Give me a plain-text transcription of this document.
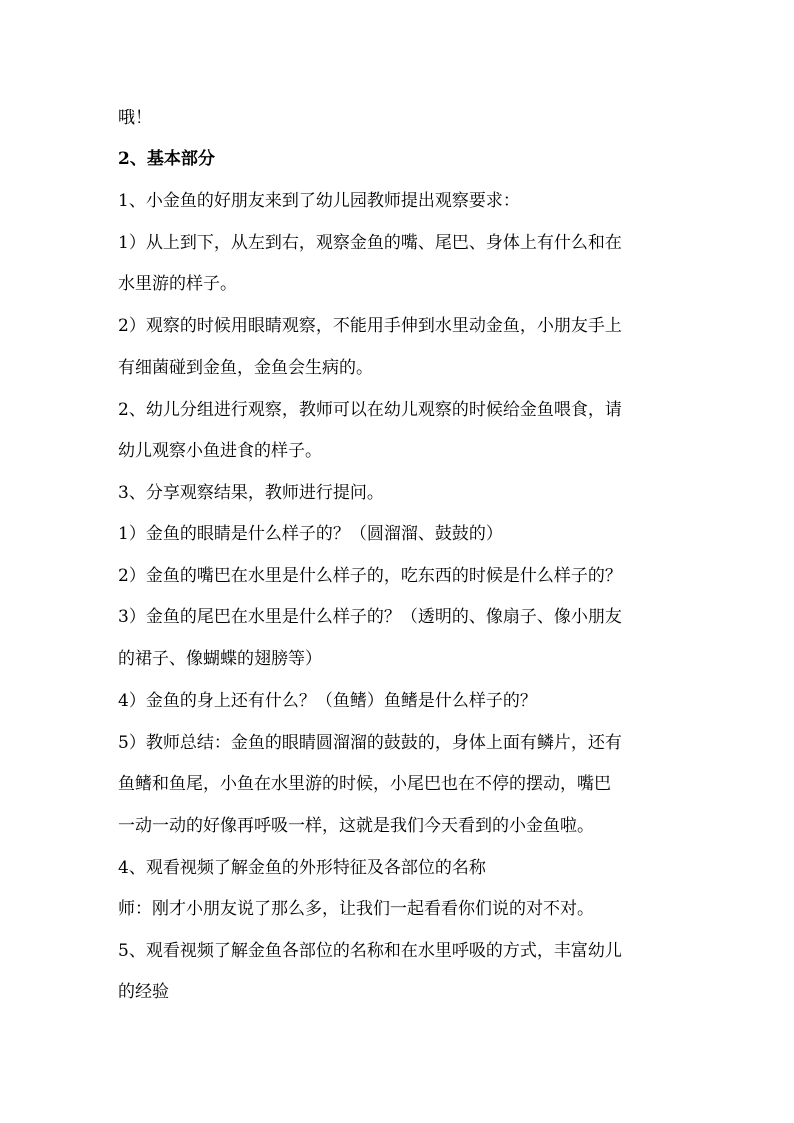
哦！
2、基本部分
1、小金鱼的好朋友来到了幼儿园教师提出观察要求：
1）从上到下，从左到右，观察金鱼的嘴、尾巴、身体上有什么和在
水里游的样子。
2）观察的时候用眼睛观察，不能用手伸到水里动金鱼，小朋友手上
有细菌碰到金鱼，金鱼会生病的。
2、幼儿分组进行观察，教师可以在幼儿观察的时候给金鱼喂食，请
幼儿观察小鱼进食的样子。
3、分享观察结果，教师进行提问。
1）金鱼的眼睛是什么样子的？（圆溜溜、鼓鼓的）
2）金鱼的嘴巴在水里是什么样子的，吃东西的时候是什么样子的？
3）金鱼的尾巴在水里是什么样子的？（透明的、像扇子、像小朋友
的裙子、像蝴蝶的翅膀等）
4）金鱼的身上还有什么？（鱼鳍）鱼鳍是什么样子的？
5）教师总结：金鱼的眼睛圆溜溜的鼓鼓的，身体上面有鳞片，还有
鱼鳍和鱼尾，小鱼在水里游的时候，小尾巴也在不停的摆动，嘴巴
一动一动的好像再呼吸一样，这就是我们今天看到的小金鱼啦。
4、观看视频了解金鱼的外形特征及各部位的名称
师：刚才小朋友说了那么多，让我们一起看看你们说的对不对。
5、观看视频了解金鱼各部位的名称和在水里呼吸的方式，丰富幼儿
的经验
